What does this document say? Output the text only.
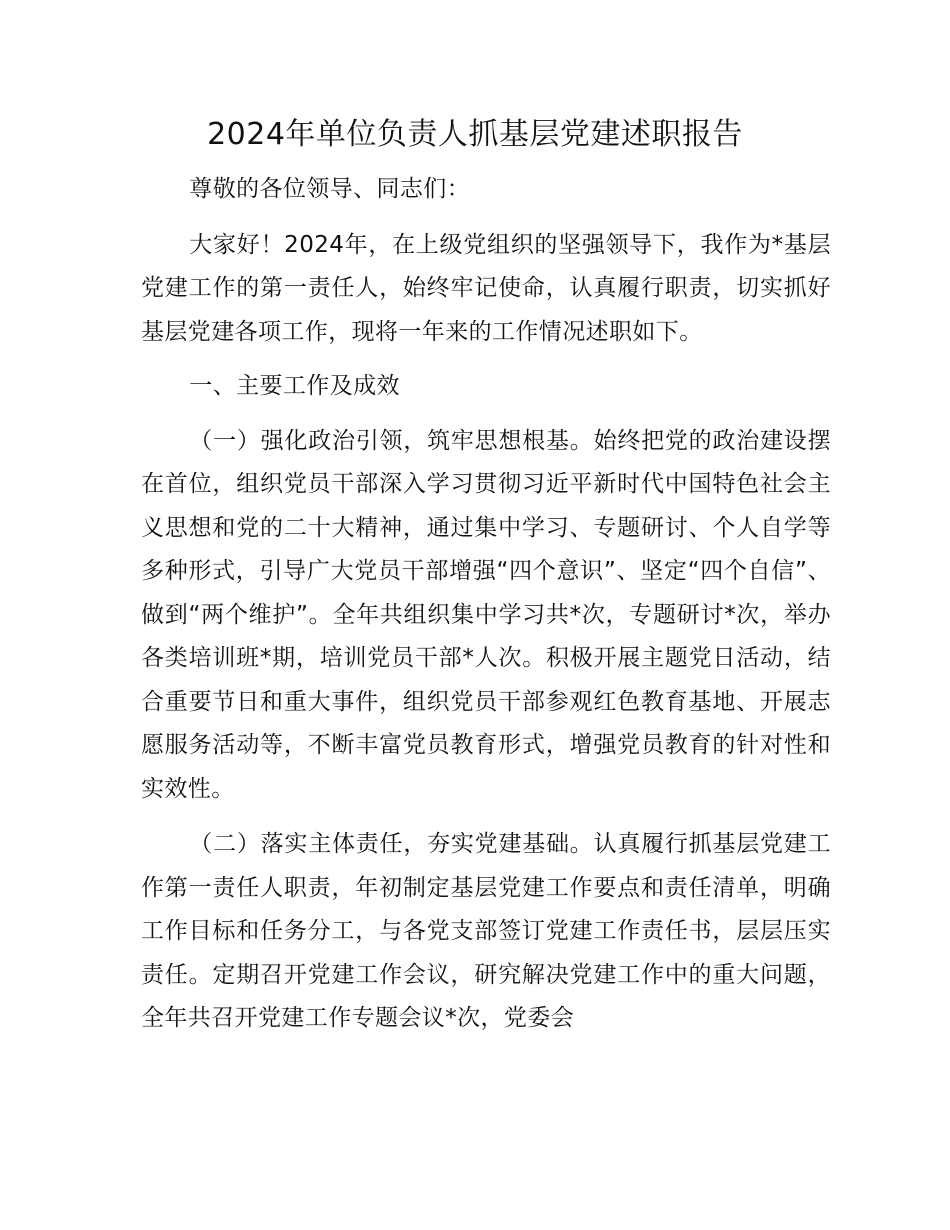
2024年单位负责人抓基层党建述职报告

尊敬的各位领导、同志们：

大家好！2024年，在上级党组织的坚强领导下，我作为*基层党建工作的第一责任人，始终牢记使命，认真履行职责，切实抓好基层党建各项工作，现将一年来的工作情况述职如下。

一、主要工作及成效

（一）强化政治引领，筑牢思想根基。始终把党的政治建设摆在首位，组织党员干部深入学习贯彻习近平新时代中国特色社会主义思想和党的二十大精神，通过集中学习、专题研讨、个人自学等多种形式，引导广大党员干部增强“四个意识”、坚定“四个自信”、做到“两个维护”。全年共组织集中学习共*次，专题研讨*次，举办各类培训班*期，培训党员干部*人次。积极开展主题党日活动，结合重要节日和重大事件，组织党员干部参观红色教育基地、开展志愿服务活动等，不断丰富党员教育形式，增强党员教育的针对性和实效性。

（二）落实主体责任，夯实党建基础。认真履行抓基层党建工作第一责任人职责，年初制定基层党建工作要点和责任清单，明确工作目标和任务分工，与各党支部签订党建工作责任书，层层压实责任。定期召开党建工作会议，研究解决党建工作中的重大问题，全年共召开党建工作专题会议*次，党委会
